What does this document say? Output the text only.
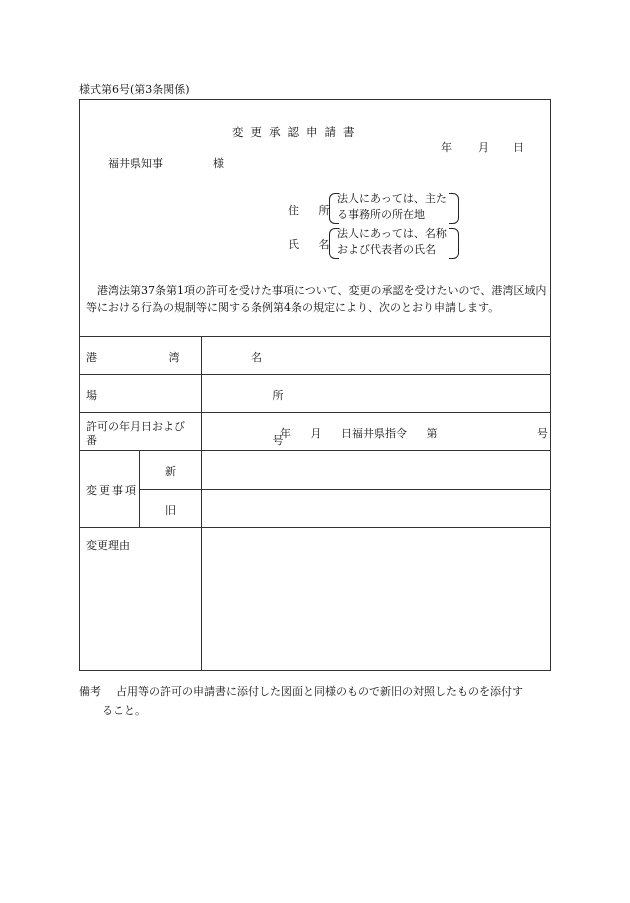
様式第6号(第3条関係)
変更承認申請書
年 月 日
福井県知事	様
住 所
法人にあっては、主た
る事務所の所在地
氏 名
法人にあっては、名称
および代表者の氏名
港湾法第37条第1項の許可を受けた事項について、変更の承認を受けたいので、港湾区域内等における行為の規制等に関する条例第4条の規定により、次のとおり申請します。
港 湾 名
場 所
許可の年月日および
番 号
年 月 日福井県指令 第	号
変更事項
新
旧
変更理由
備考 占用等の許可の申請書に添付した図面と同様のもので新旧の対照したものを添付す
ること。
